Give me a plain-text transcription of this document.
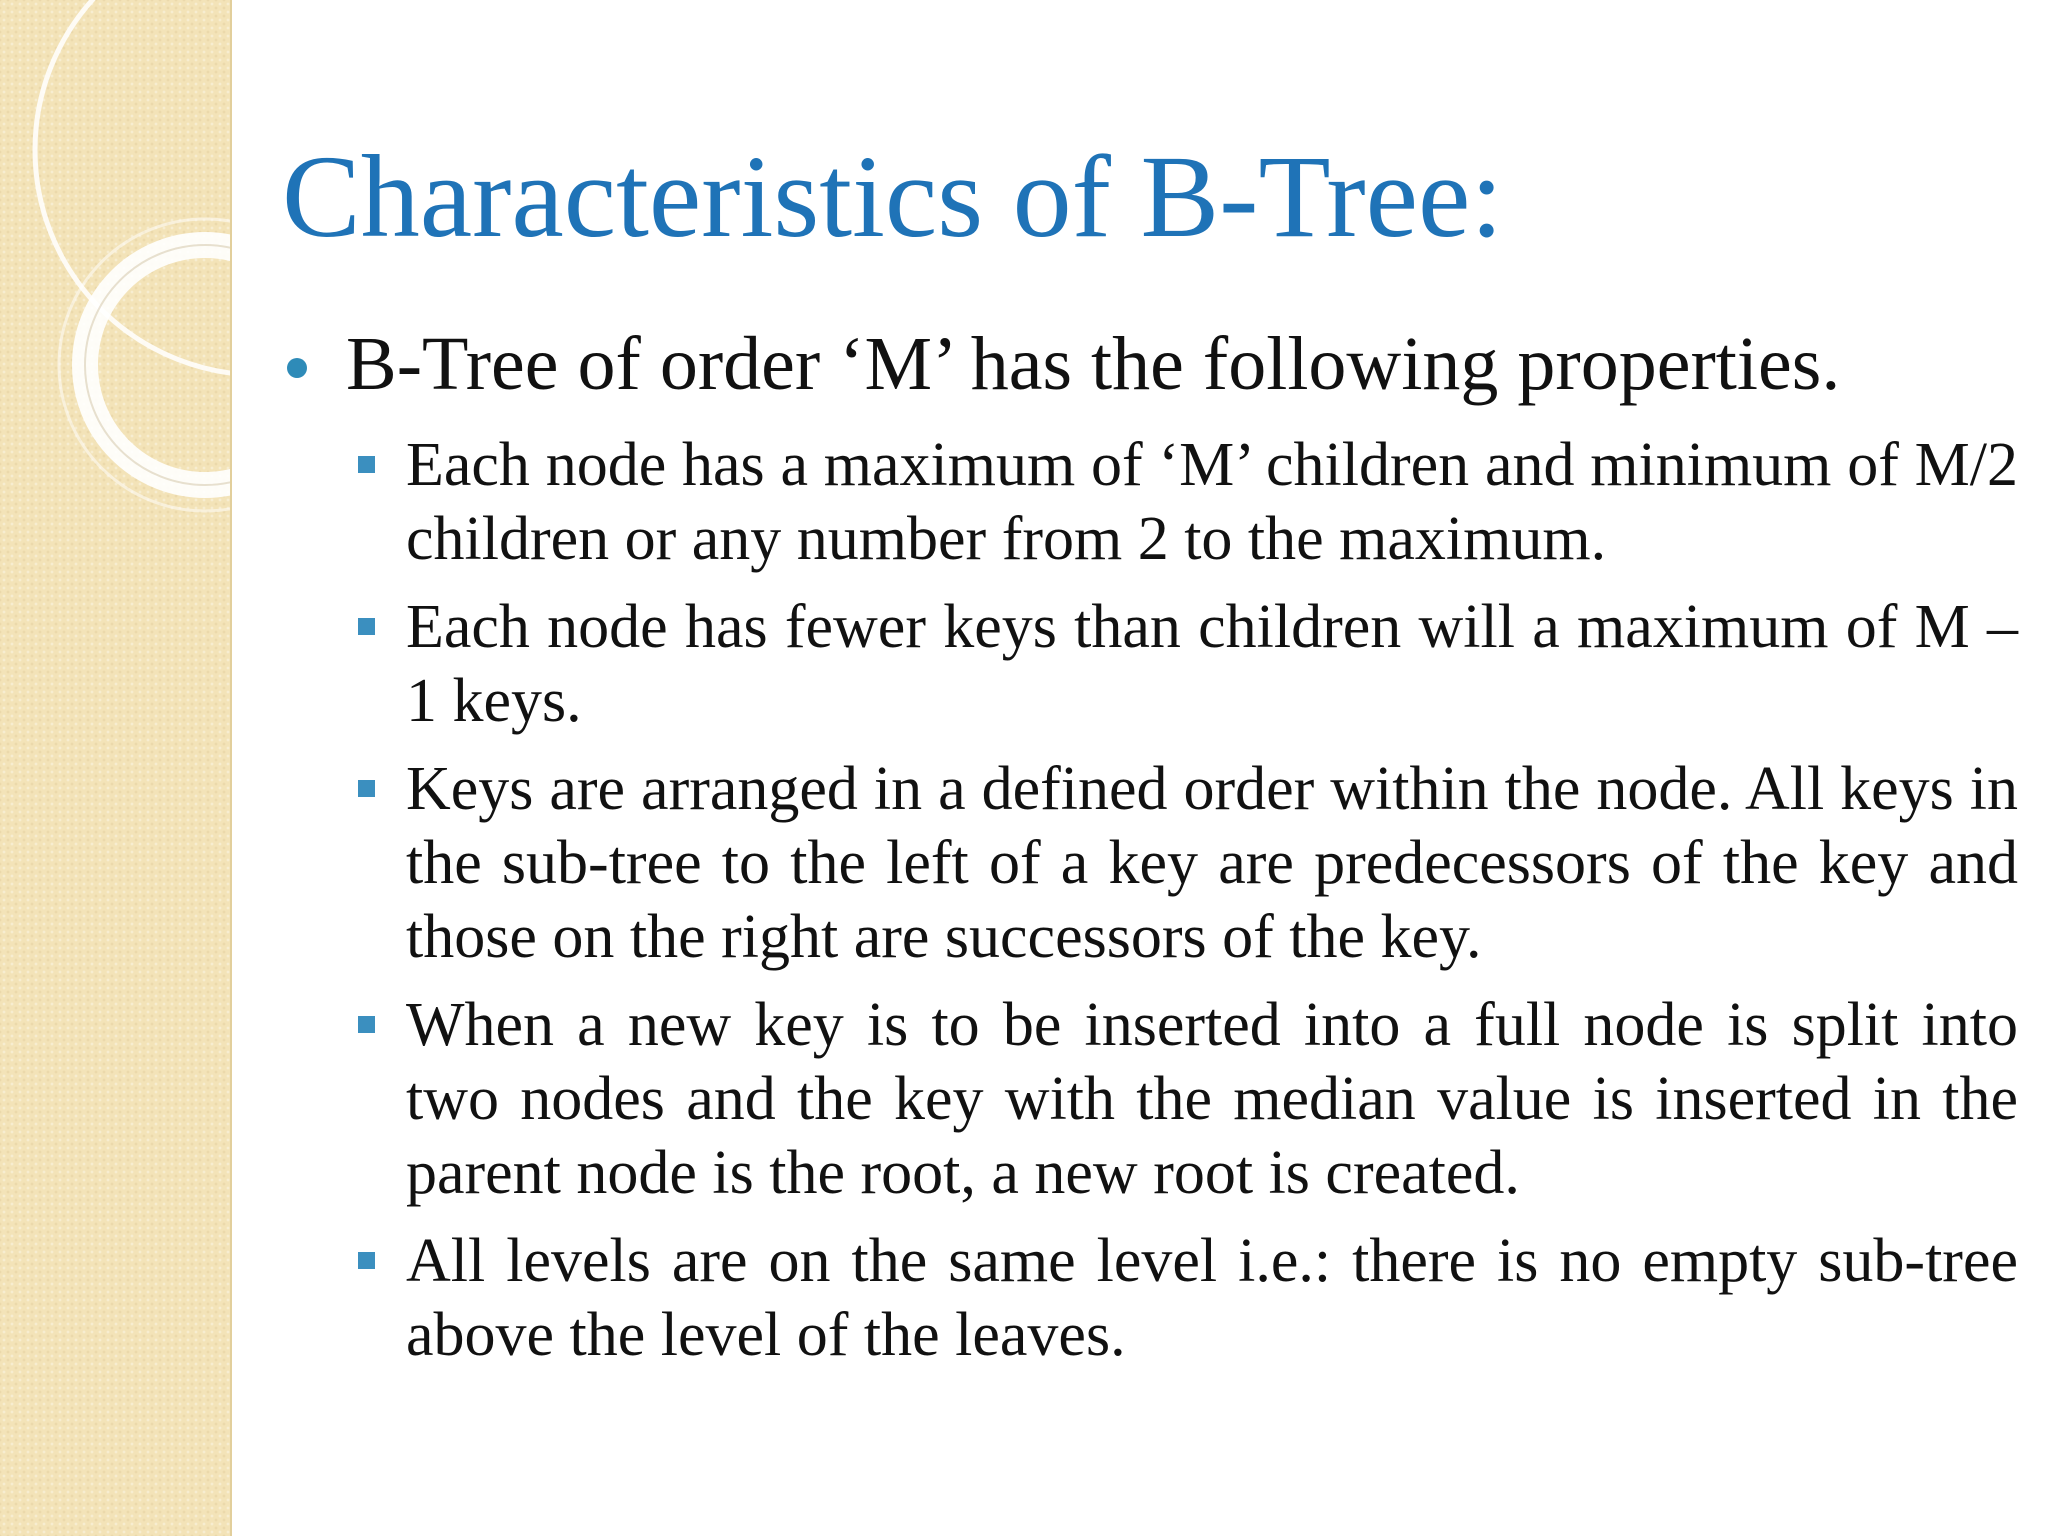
Characteristics of B-Tree:
B-Tree of order ‘M’ has the following properties.
Each node has a maximum of ‘M’ children and minimum of M/2 children or any number from 2 to the maximum.
Each node has fewer keys than children will a maximum of M – 1 keys.
Keys are arranged in a defined order within the node. All keys in the sub-tree to the left of a key are predecessors of the key and those on the right are successors of the key.
When a new key is to be inserted into a full node is split into two nodes and the key with the median value is inserted in the parent node is the root, a new root is created.
All levels are on the same level i.e.: there is no empty sub-tree above the level of the leaves.
